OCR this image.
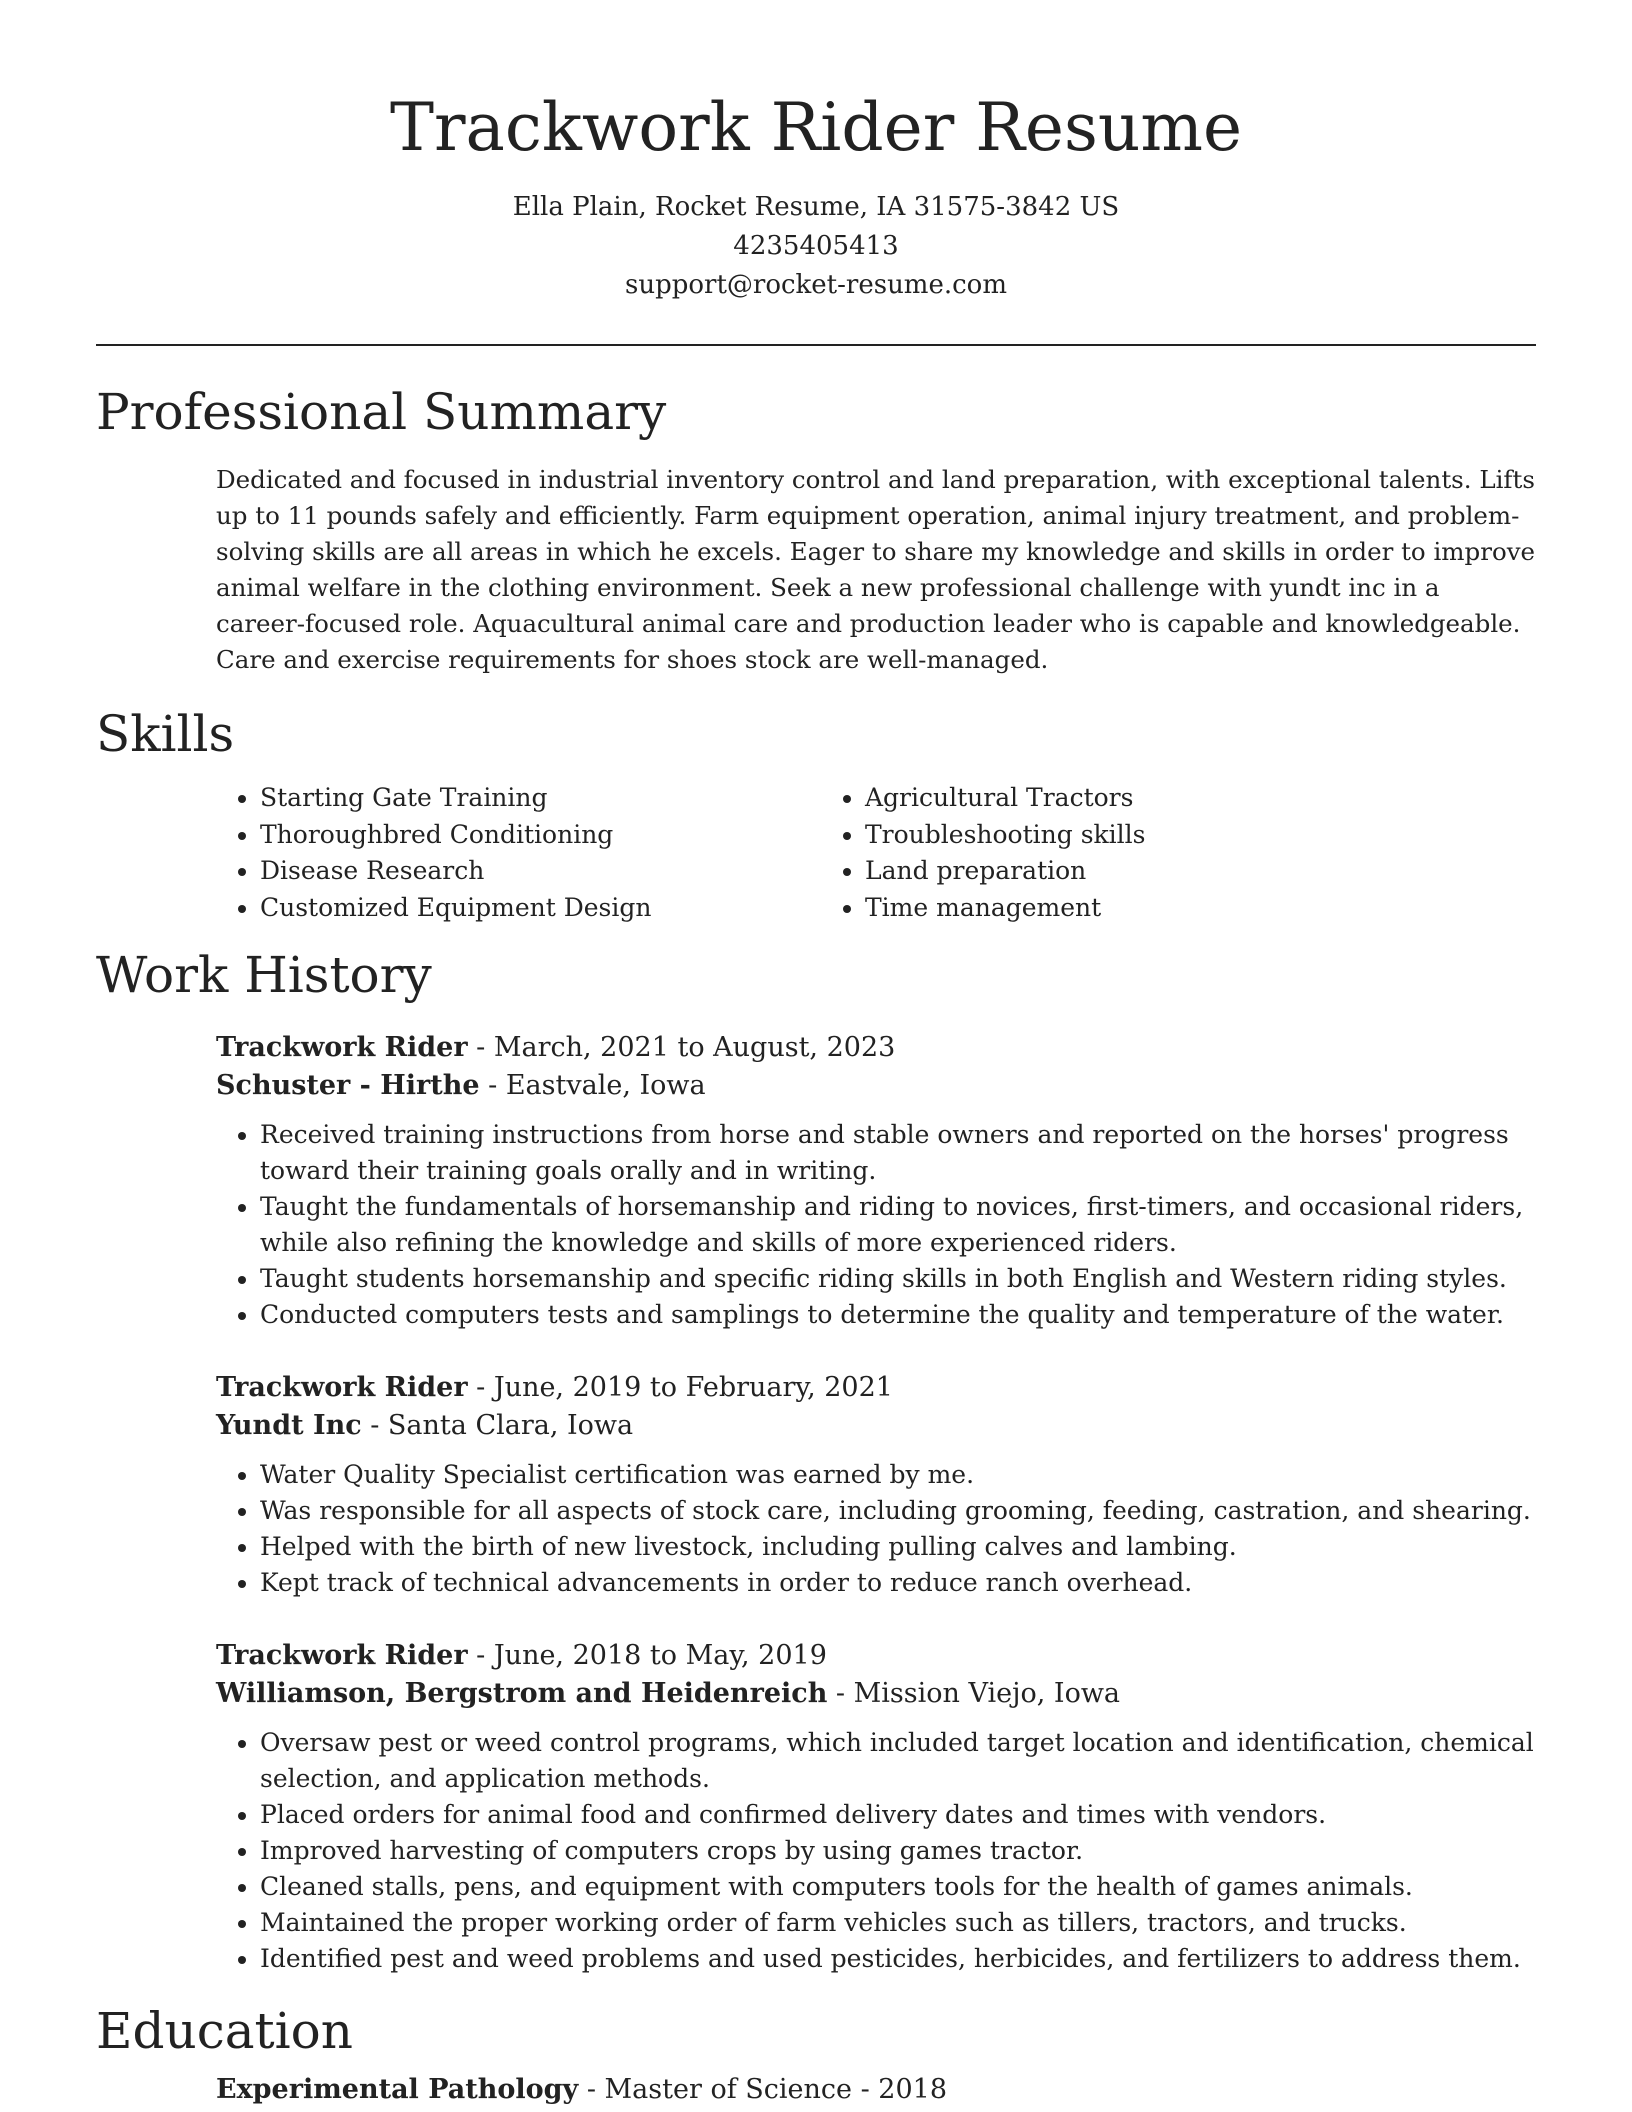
Trackwork Rider Resume
Ella Plain, Rocket Resume, IA 31575-3842 US
4235405413
support@rocket-resume.com
Professional Summary

Dedicated and focused in industrial inventory control and land preparation, with exceptional talents. Lifts up to 11 pounds safely and efficiently. Farm equipment operation, animal injury treatment, and problem-solving skills are all areas in which he excels. Eager to share my knowledge and skills in order to improve animal welfare in the clothing environment. Seek a new professional challenge with yundt inc in a career-focused role. Aquacultural animal care and production leader who is capable and knowledgeable. Care and exercise requirements for shoes stock are well-managed.

Skills
• Starting Gate Training
• Thoroughbred Conditioning
• Disease Research
• Customized Equipment Design
• Agricultural Tractors
• Troubleshooting skills
• Land preparation
• Time management
Work History
Trackwork Rider - March, 2021 to August, 2023
Schuster - Hirthe - Eastvale, Iowa
• Received training instructions from horse and stable owners and reported on the horses' progress toward their training goals orally and in writing.
• Taught the fundamentals of horsemanship and riding to novices, first-timers, and occasional riders, while also refining the knowledge and skills of more experienced riders.
• Taught students horsemanship and specific riding skills in both English and Western riding styles.
• Conducted computers tests and samplings to determine the quality and temperature of the water.
Trackwork Rider - June, 2019 to February, 2021
Yundt Inc - Santa Clara, Iowa
• Water Quality Specialist certification was earned by me.
• Was responsible for all aspects of stock care, including grooming, feeding, castration, and shearing.
• Helped with the birth of new livestock, including pulling calves and lambing.
• Kept track of technical advancements in order to reduce ranch overhead.
Trackwork Rider - June, 2018 to May, 2019
Williamson, Bergstrom and Heidenreich - Mission Viejo, Iowa
• Oversaw pest or weed control programs, which included target location and identification, chemical selection, and application methods.
• Placed orders for animal food and confirmed delivery dates and times with vendors.
• Improved harvesting of computers crops by using games tractor.
• Cleaned stalls, pens, and equipment with computers tools for the health of games animals.
• Maintained the proper working order of farm vehicles such as tillers, tractors, and trucks.
• Identified pest and weed problems and used pesticides, herbicides, and fertilizers to address them.
Education
Experimental Pathology - Master of Science - 2018
